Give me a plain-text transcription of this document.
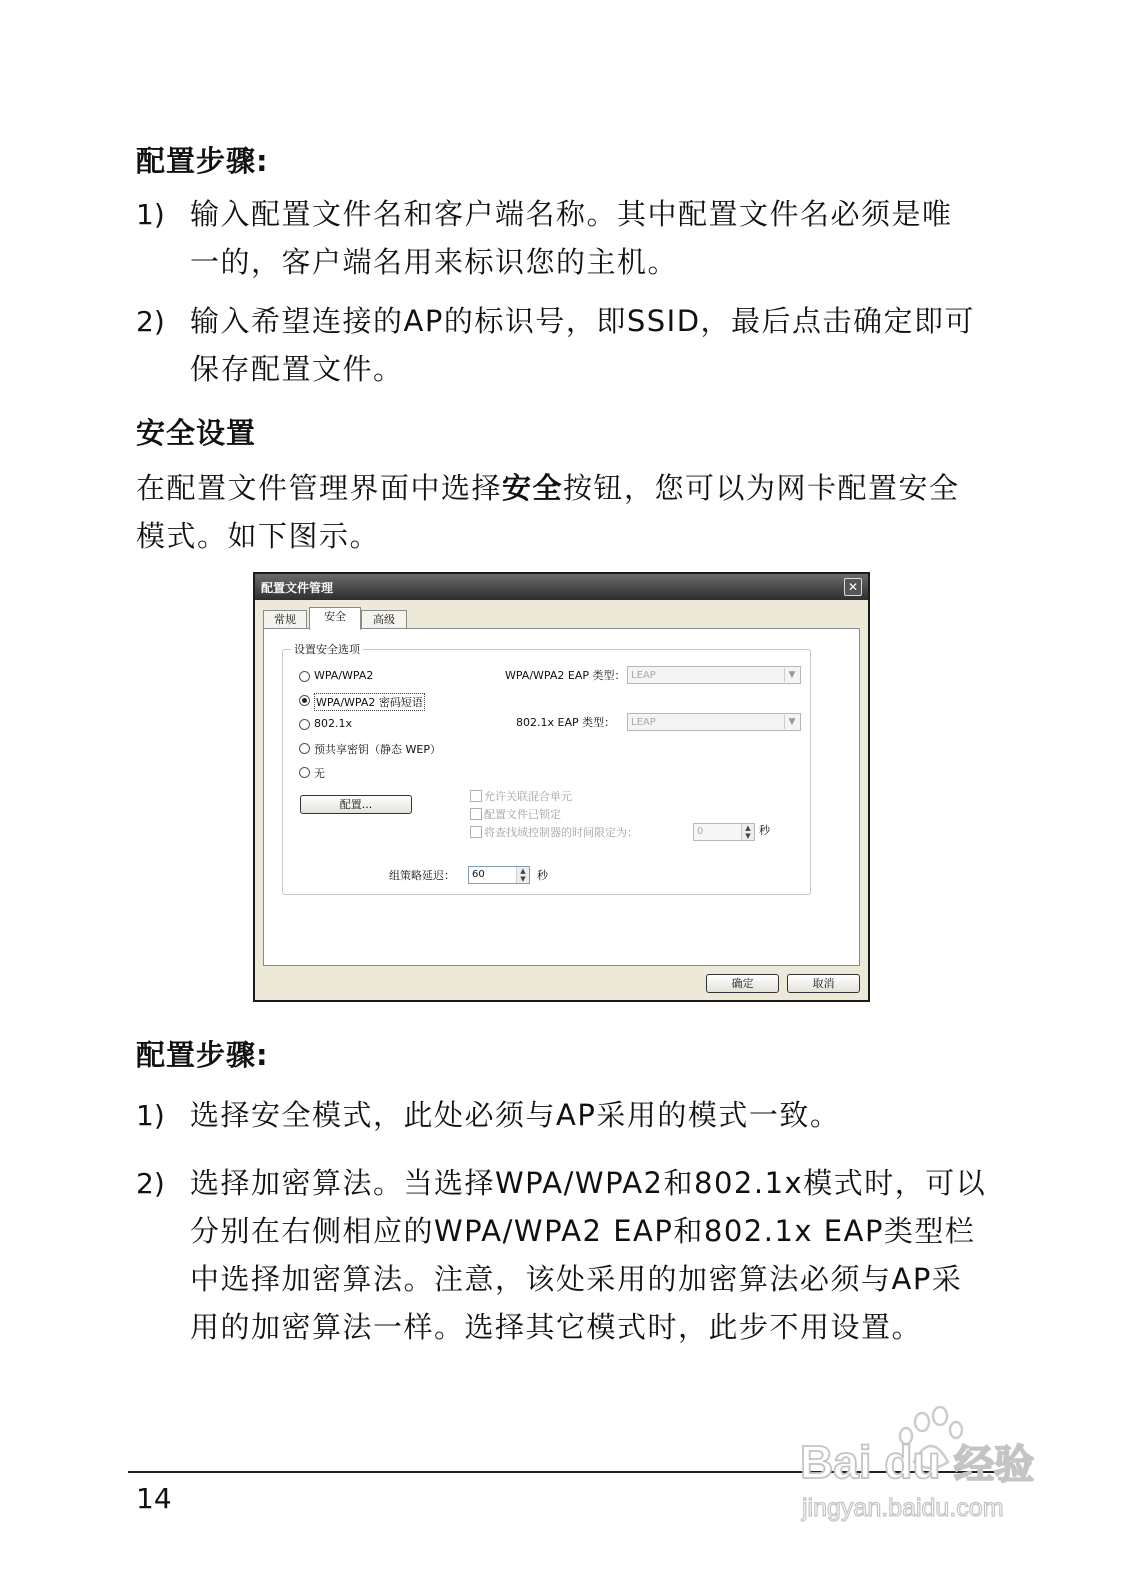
配置步骤:
1) 输入配置文件名和客户端名称。其中配置文件名必须是唯
一的，客户端名用来标识您的主机。
2) 输入希望连接的AP的标识号，即SSID，最后点击确定即可
保存配置文件。
安全设置
在配置文件管理界面中选择安全按钮，您可以为网卡配置安全
模式。如下图示。
配置文件管理	✕
常规	安全	高级
设置安全选项
WPA/WPA2
WPA/WPA2 密码短语
802.1x
预共享密钥（静态 WEP）
无
WPA/WPA2 EAP 类型： LEAP	▼
802.1x EAP 类型：	LEAP	▼
配置...
允许关联混合单元
配置文件已锁定
将查找域控制器的时间限定为：	0	▲
▼ 秒
组策略延迟：	60	▲
▼	秒
确定	取消
配置步骤:
1) 选择安全模式，此处必须与AP采用的模式一致。
2) 选择加密算法。当选择WPA/WPA2和802.1x模式时，可以
分别在右侧相应的WPA/WPA2 EAP和802.1x EAP类型栏
中选择加密算法。注意，该处采用的加密算法必须与AP采
用的加密算法一样。选择其它模式时，此步不用设置。
14
Bai du 经验
jingyan.baidu.com
